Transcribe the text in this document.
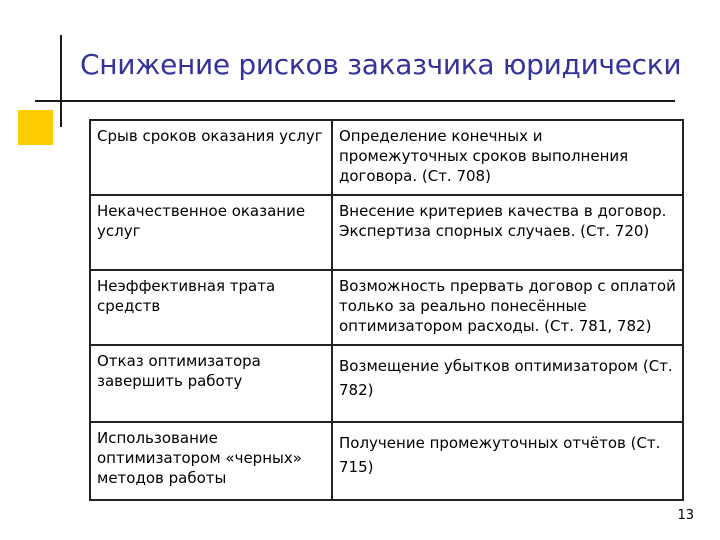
Снижение рисков заказчика юридически
Срыв сроков оказания услуг	Определение конечных и промежуточных сроков выполнения договора. (Ст. 708)
Некачественное оказание услуг	Внесение критериев качества в договор. Экспертиза спорных случаев. (Ст. 720)
Неэффективная трата средств	Возможность прервать договор с оплатой только за реально понесённые оптимизатором расходы. (Ст. 781, 782)
Отказ оптимизатора завершить работу	Возмещение убытков оптимизатором (Ст. 782)
Использование оптимизатором «черных» методов работы	Получение промежуточных отчётов (Ст. 715)
13
